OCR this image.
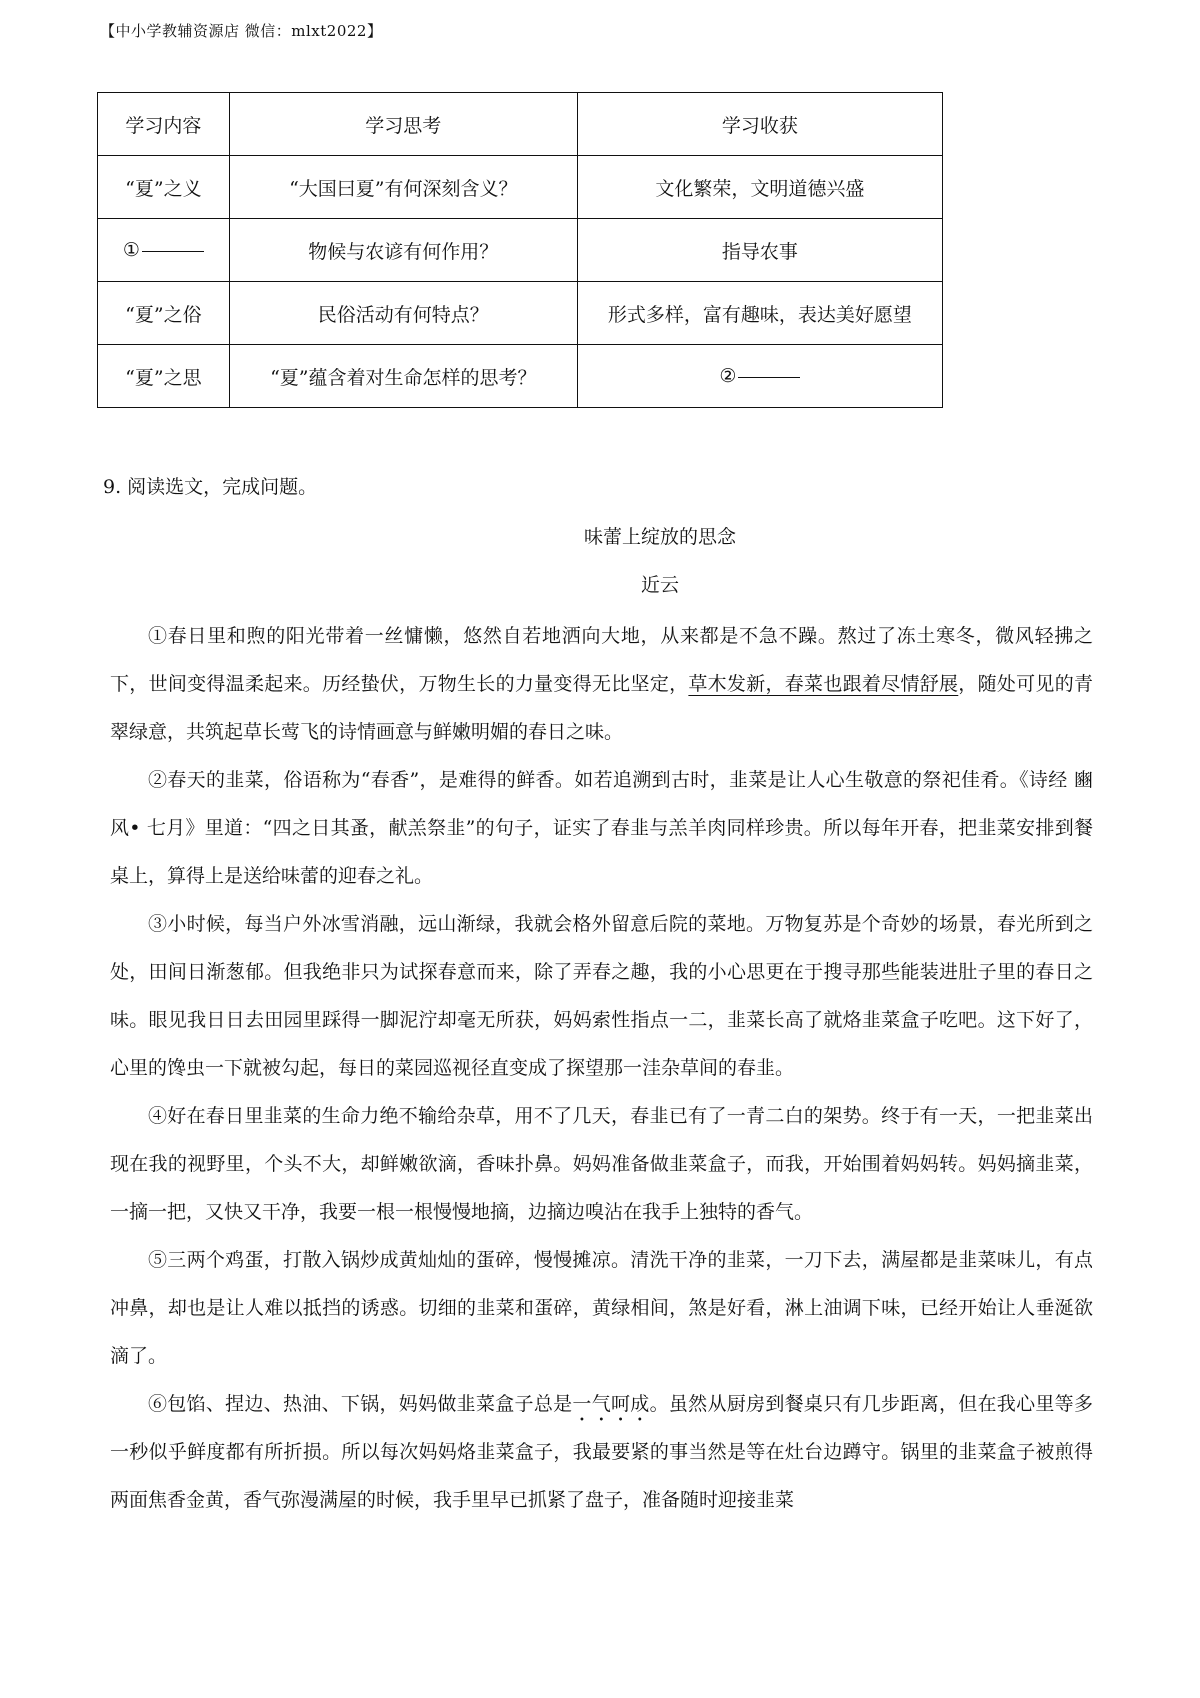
【中小学教辅资源店 微信：mlxt2022】
学习内容	学习思考	学习收获
“夏”之义	“大国曰夏”有何深刻含义？	文化繁荣，文明道德兴盛
①	物候与农谚有何作用？	指导农事
“夏”之俗	民俗活动有何特点？	形式多样，富有趣味，表达美好愿望
“夏”之思	“夏”蕴含着对生命怎样的思考？	②
9. 阅读选文，完成问题。
味蕾上绽放的思念
近云

①春日里和煦的阳光带着一丝慵懒，悠然自若地洒向大地，从来都是不急不躁。熬过了冻土寒冬，微风轻拂之下，世间变得温柔起来。历经蛰伏，万物生长的力量变得无比坚定，草木发新，春菜也跟着尽情舒展，随处可见的青翠绿意，共筑起草长莺飞的诗情画意与鲜嫩明媚的春日之味。

②春天的韭菜，俗语称为“春香”，是难得的鲜香。如若追溯到古时，韭菜是让人心生敬意的祭祀佳肴。《诗经 豳风• 七月》里道：“四之日其蚤，献羔祭韭”的句子，证实了春韭与羔羊肉同样珍贵。所以每年开春，把韭菜安排到餐桌上，算得上是送给味蕾的迎春之礼。

③小时候，每当户外冰雪消融，远山渐绿，我就会格外留意后院的菜地。万物复苏是个奇妙的场景，春光所到之处，田间日渐葱郁。但我绝非只为试探春意而来，除了弄春之趣，我的小心思更在于搜寻那些能装进肚子里的春日之味。眼见我日日去田园里踩得一脚泥泞却毫无所获，妈妈索性指点一二，韭菜长高了就烙韭菜盒子吃吧。这下好了，心里的馋虫一下就被勾起，每日的菜园巡视径直变成了探望那一洼杂草间的春韭。

④好在春日里韭菜的生命力绝不输给杂草，用不了几天，春韭已有了一青二白的架势。终于有一天，一把韭菜出现在我的视野里，个头不大，却鲜嫩欲滴，香味扑鼻。妈妈准备做韭菜盒子，而我，开始围着妈妈转。妈妈摘韭菜，一摘一把，又快又干净，我要一根一根慢慢地摘，边摘边嗅沾在我手上独特的香气。

⑤三两个鸡蛋，打散入锅炒成黄灿灿的蛋碎，慢慢摊凉。清洗干净的韭菜，一刀下去，满屋都是韭菜味儿，有点冲鼻，却也是让人难以抵挡的诱惑。切细的韭菜和蛋碎，黄绿相间，煞是好看，淋上油调下味，已经开始让人垂涎欲滴了。

⑥包馅、捏边、热油、下锅，妈妈做韭菜盒子总是一气呵成。虽然从厨房到餐桌只有几步距离，但在我心里等多一秒似乎鲜度都有所折损。所以每次妈妈烙韭菜盒子，我最要紧的事当然是等在灶台边蹲守。锅里的韭菜盒子被煎得两面焦香金黄，香气弥漫满屋的时候，我手里早已抓紧了盘子，准备随时迎接韭菜
